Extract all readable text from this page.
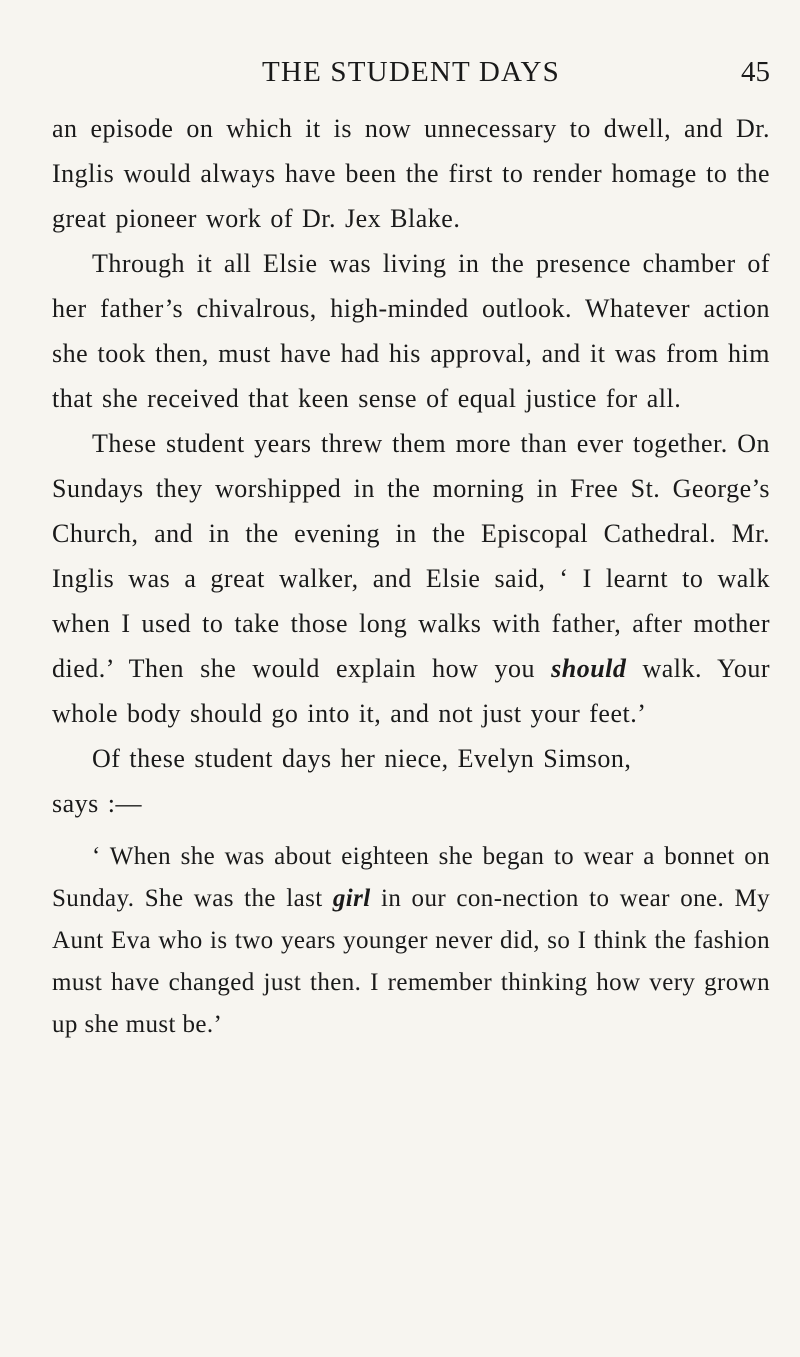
THE STUDENT DAYS	45

an episode on which it is now unnecessary to dwell, and Dr. Inglis would always have been the first to render homage to the great pioneer work of Dr. Jex Blake.

Through it all Elsie was living in the presence chamber of her father’s chivalrous, high-minded outlook. Whatever action she took then, must have had his approval, and it was from him that she received that keen sense of equal justice for all.

These student years threw them more than ever together. On Sundays they worshipped in the morning in Free St. George’s Church, and in the evening in the Episcopal Cathedral. Mr. Inglis was a great walker, and Elsie said, ‘ I learnt to walk when I used to take those long walks with father, after mother died.’ Then she would explain how you should walk. Your whole body should go into it, and not just your feet.’

Of these student days her niece, Evelyn Simson,

says :—

‘ When she was about eighteen she began to wear a bonnet on Sunday. She was the last girl in our con-nection to wear one. My Aunt Eva who is two years younger never did, so I think the fashion must have changed just then. I remember thinking how very grown up she must be.’
